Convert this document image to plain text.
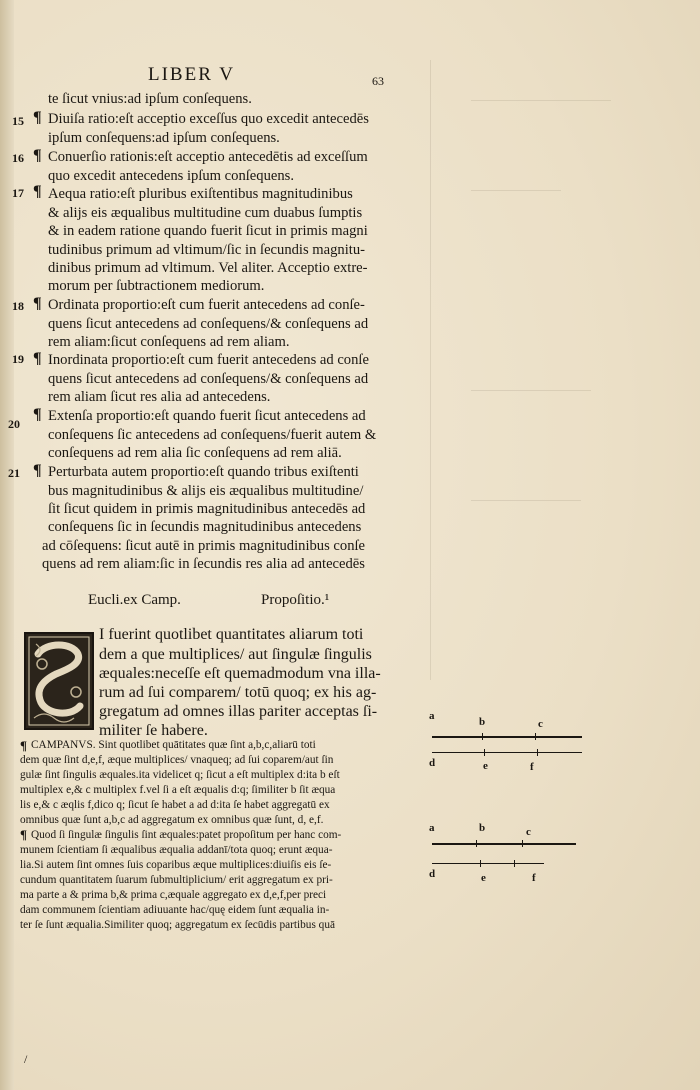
LIBER V	63
te ſicut vnius:ad ipſum conſequens.
15 ¶ Diuiſa ratio:eſt acceptio exceſſus quo excedit antecedēs
ipſum conſequens:ad ipſum conſequens.
16 ¶ Conuerſio rationis:eſt acceptio antecedētis ad exceſſum
quo excedit antecedens ipſum conſequens.
17 ¶ Aequa ratio:eſt pluribus exiſtentibus magnitudinibus
& alijs eis æqualibus multitudine cum duabus ſumptis
& in eadem ratione quando fuerit ſicut in primis magni
tudinibus primum ad vltimum/ſic in ſecundis magnitu‑
dinibus primum ad vltimum. Vel aliter. Acceptio extre‑
morum per ſubtractionem mediorum.
18 ¶ Ordinata proportio:eſt cum fuerit antecedens ad conſe‑
quens ſicut antecedens ad conſequens/& conſequens ad
rem aliam:ſicut conſequens ad rem aliam.
19 ¶ Inordinata proportio:eſt cum fuerit antecedens ad conſe
quens ſicut antecedens ad conſequens/& conſequens ad
rem aliam ſicut res alia ad antecedens.
20
¶ Extenſa proportio:eſt quando fuerit ſicut antecedens ad
conſequens ſic antecedens ad conſequens/fuerit autem &
conſequens ad rem alia ſic conſequens ad rem aliā.
21 ¶ Perturbata autem proportio:eſt quando tribus exiſtenti
bus magnitudinibus & alijs eis æqualibus multitudine/
ſit ſicut quidem in primis magnitudinibus antecedēs ad
conſequens ſic in ſecundis magnitudinibus antecedens
ad cōſequens: ſicut autē in primis magnitudinibus conſe
quens ad rem aliam:ſic in ſecundis res alia ad antecedēs
Eucli.ex Camp.	Propoſitio.¹
I fuerint quotlibet quantitates aliarum toti
dem a que multiplices/ aut ſingulæ ſingulis
æquales:neceſſe eſt quemadmodum vna illa‑
rum ad ſui comparem/ totū quoq; ex his ag‑
gregatum ad omnes illas pariter acceptas ſi‑
militer ſe habere.
¶ CAMPANVS. Sint quotlibet quātitates quæ ſint a,b,c,aliarū toti
dem quæ ſint d,e,f, æque multiplices/ vnaqueq; ad ſui coparem/aut ſin
gulæ ſint ſingulis æquales.ita videlicet q; ſicut a eſt multiplex d:ita b eſt
multiplex e,& c multiplex f.vel ſi a eſt æqualis d:q; ſimiliter b ſit æqua
lis e,& c æqlis f,dico q; ſicut ſe habet a ad d:ita ſe habet aggregatū ex
omnibus quæ ſunt a,b,c ad aggregatum ex omnibus quæ ſunt, d, e,f.
¶ Quod ſi ſingulæ ſingulis ſint æquales:patet propoſitum per hanc com‑
munem ſcientiam ſi æqualibus æqualia addanī/tota quoq; erunt æqua‑
lia.Si autem ſint omnes ſuis coparibus æque multiplices:diuiſis eis ſe‑
cundum quantitatem ſuarum ſubmultiplicium/ erit aggregatum ex pri‑
ma parte a & prima b,& prima c,æquale aggregato ex d,e,f,per preci
dam communem ſcientiam adiuuante hac/quę eidem ſunt æqualia in‑
ter ſe ſunt æqualia.Similiter quoq; aggregatum ex ſecūdis partibus quā
a	b	c
d	e	f
a	b	c
d	e	f
/
